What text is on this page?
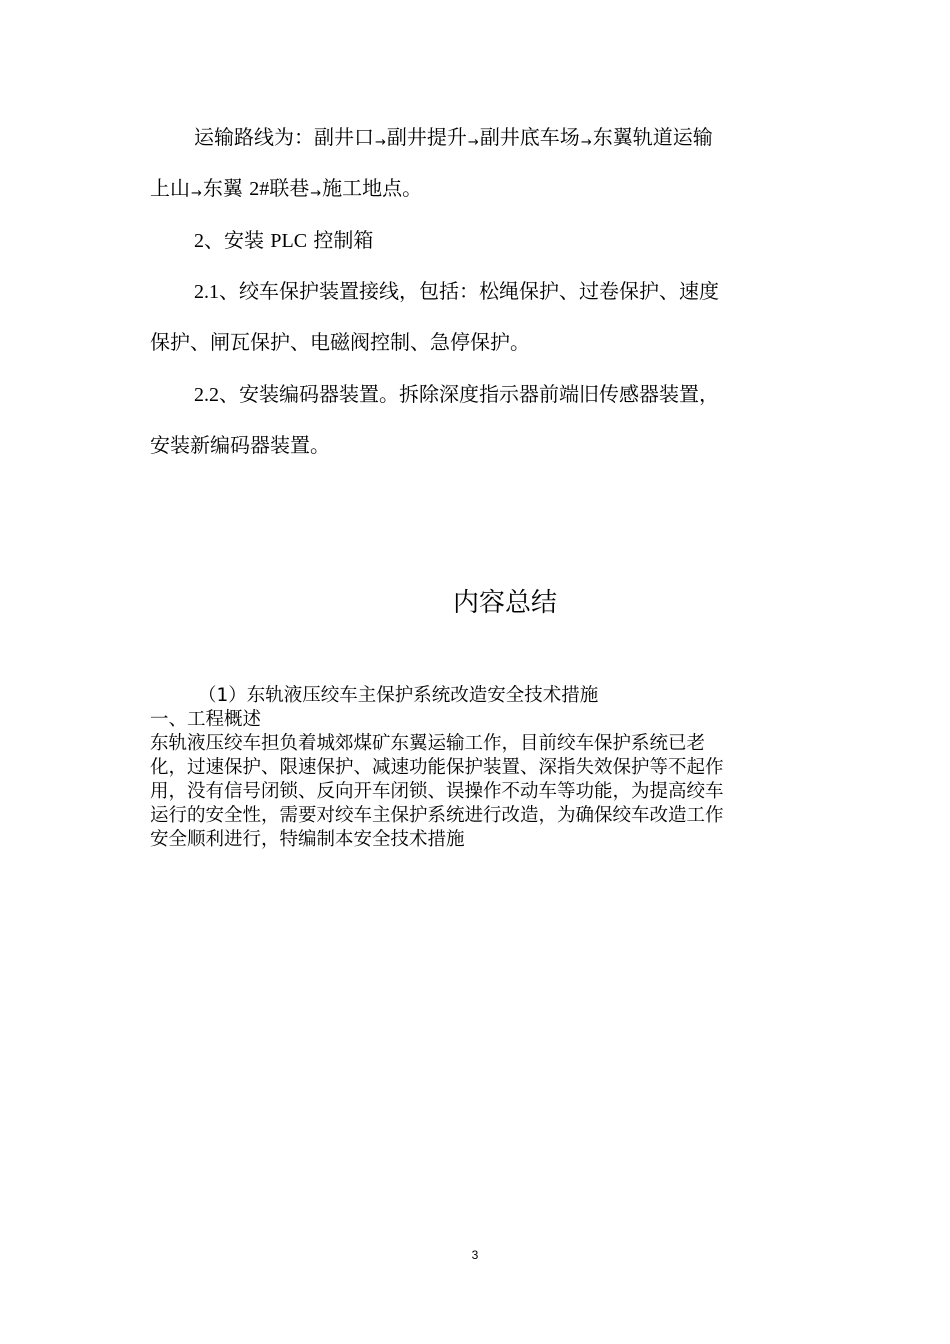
运输路线为：副井口→副井提升→副井底车场→东翼轨道运输
上山→东翼 2#联巷→施工地点。
2、安装 PLC 控制箱
2.1、绞车保护装置接线，包括：松绳保护、过卷保护、速度
保护、闸瓦保护、电磁阀控制、急停保护。
2.2、安装编码器装置。拆除深度指示器前端旧传感器装置，
安装新编码器装置。
内容总结
（1）东轨液压绞车主保护系统改造安全技术措施
一、工程概述
东轨液压绞车担负着城郊煤矿东翼运输工作，目前绞车保护系统已老
化，过速保护、限速保护、减速功能保护装置、深指失效保护等不起作
用，没有信号闭锁、反向开车闭锁、误操作不动车等功能，为提高绞车
运行的安全性，需要对绞车主保护系统进行改造，为确保绞车改造工作
安全顺利进行，特编制本安全技术措施
3
